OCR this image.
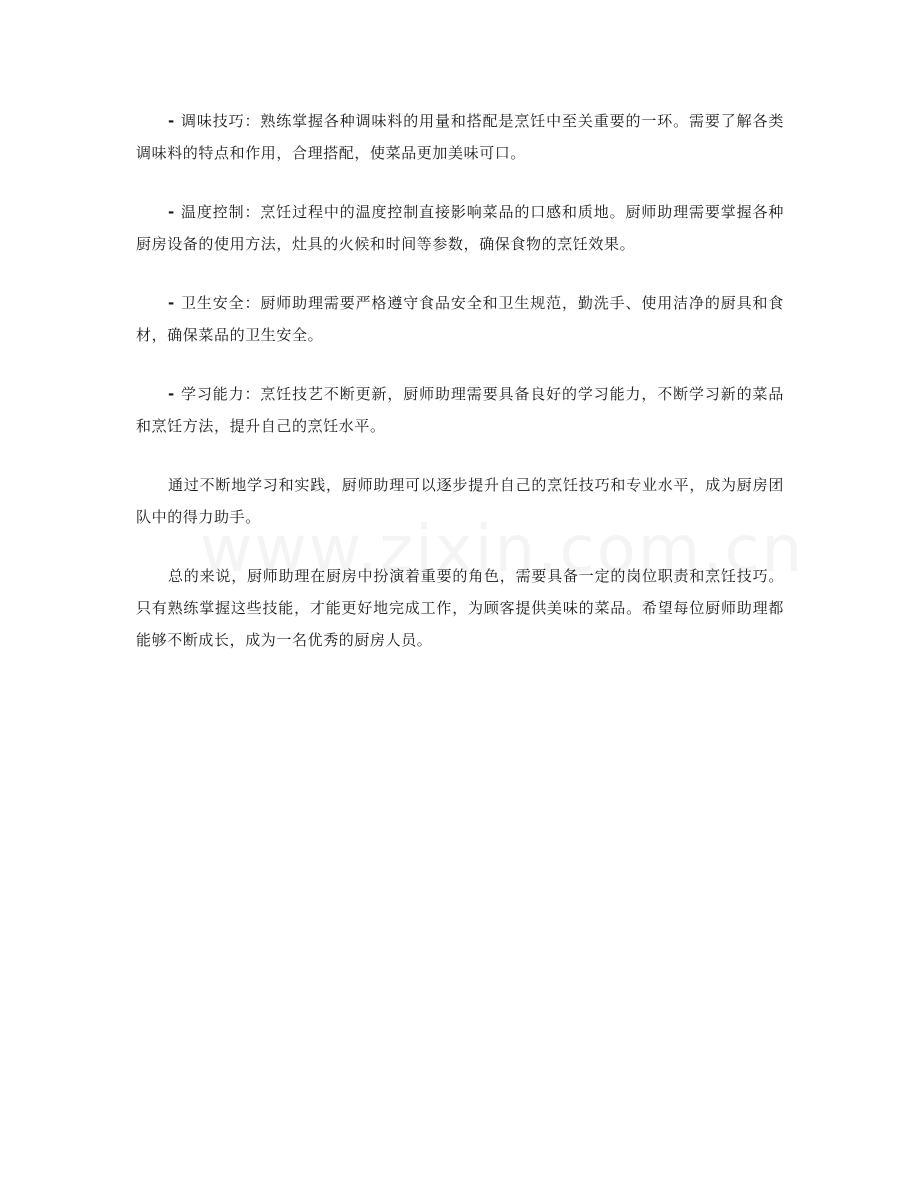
- 调味技巧：熟练掌握各种调味料的用量和搭配是烹饪中至关重要的一环。需要了解各类调味料的特点和作用，合理搭配，使菜品更加美味可口。

- 温度控制：烹饪过程中的温度控制直接影响菜品的口感和质地。厨师助理需要掌握各种厨房设备的使用方法，灶具的火候和时间等参数，确保食物的烹饪效果。

- 卫生安全：厨师助理需要严格遵守食品安全和卫生规范，勤洗手、使用洁净的厨具和食材，确保菜品的卫生安全。

- 学习能力：烹饪技艺不断更新，厨师助理需要具备良好的学习能力，不断学习新的菜品和烹饪方法，提升自己的烹饪水平。

通过不断地学习和实践，厨师助理可以逐步提升自己的烹饪技巧和专业水平，成为厨房团队中的得力助手。

总的来说，厨师助理在厨房中扮演着重要的角色，需要具备一定的岗位职责和烹饪技巧。只有熟练掌握这些技能，才能更好地完成工作，为顾客提供美味的菜品。希望每位厨师助理都能够不断成长，成为一名优秀的厨房人员。
